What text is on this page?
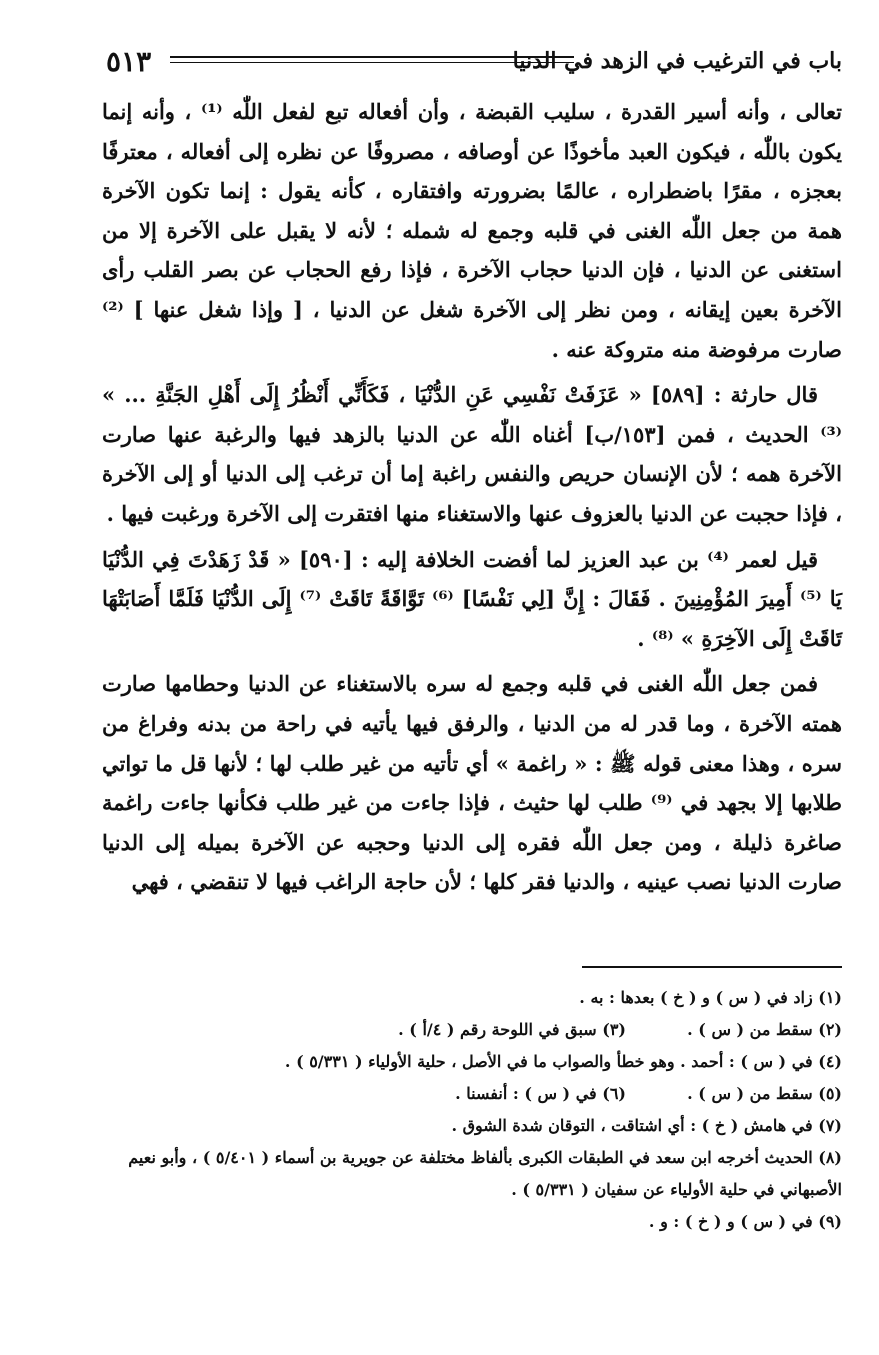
٥١٣	باب في الترغيب في الزهد في الدنيا

تعالى ، وأنه أسير القدرة ، سليب القبضة ، وأن أفعاله تبع لفعل اللّٰه ⁽¹⁾ ، وأنه إنما يكون باللّٰه ، فيكون العبد مأخوذًا عن أوصافه ، مصروفًا عن نظره إلى أفعاله ، معترفًا بعجزه ، مقرًا باضطراره ، عالمًا بضرورته وافتقاره ، كأنه يقول : إنما تكون الآخرة همة من جعل اللّٰه الغنى في قلبه وجمع له شمله ؛ لأنه لا يقبل على الآخرة إلا من استغنى عن الدنيا ، فإن الدنيا حجاب الآخرة ، فإذا رفع الحجاب عن بصر القلب رأى الآخرة بعين إيقانه ، ومن نظر إلى الآخرة شغل عن الدنيا ، [ وإذا شغل عنها ] ⁽²⁾ صارت مرفوضة منه متروكة عنه .

قال حارثة : [٥٨٩] « عَزَفَتْ نَفْسِي عَنِ الدُّنْيَا ، فَكَأَنِّي أَنْظُرُ إِلَى أَهْلِ الجَنَّةِ ... » ⁽³⁾ الحديث ، فمن [١٥٣/ب] أغناه اللّٰه عن الدنيا بالزهد فيها والرغبة عنها صارت الآخرة همه ؛ لأن الإنسان حريص والنفس راغبة إما أن ترغب إلى الدنيا أو إلى الآخرة ، فإذا حجبت عن الدنيا بالعزوف عنها والاستغناء منها افتقرت إلى الآخرة ورغبت فيها .

قيل لعمر ⁽⁴⁾ بن عبد العزيز لما أفضت الخلافة إليه : [٥٩٠] « قَدْ زَهَدْتَ فِي الدُّنْيَا يَا ⁽⁵⁾ أَمِيرَ المُؤْمِنِينَ . فَقَالَ : إِنَّ [لِي نَفْسًا] ⁽⁶⁾ تَوَّاقَةً تَاقَتْ ⁽⁷⁾ إِلَى الدُّنْيَا فَلَمَّا أَصَابَتْهَا تَاقَتْ إِلَى الآخِرَةِ » ⁽⁸⁾ .

فمن جعل اللّٰه الغنى في قلبه وجمع له سره بالاستغناء عن الدنيا وحطامها صارت همته الآخرة ، وما قدر له من الدنيا ، والرفق فيها يأتيه في راحة من بدنه وفراغ من سره ، وهذا معنى قوله ﷺ : « راغمة » أي تأتيه من غير طلب لها ؛ لأنها قل ما تواتي طلابها إلا بجهد في ⁽⁹⁾ طلب لها حثيث ، فإذا جاءت من غير طلب فكأنها جاءت راغمة صاغرة ذليلة ، ومن جعل اللّٰه فقره إلى الدنيا وحجبه عن الآخرة بميله إلى الدنيا صارت الدنيا نصب عينيه ، والدنيا فقر كلها ؛ لأن حاجة الراغب فيها لا تنقضي ، فهي

(١) زاد في ( س ) و ( خ ) بعدها : به .
(٢) سقط من ( س ) .
(٣) سبق في اللوحة رقم ( ٤/أ ) .
(٤) في ( س ) : أحمد . وهو خطأ والصواب ما في الأصل ، حلية الأولياء ( ٥/٣٣١ ) .
(٥) سقط من ( س ) .
(٦) في ( س ) : أنفسنا .
(٧) في هامش ( خ ) : أي اشتاقت ، التوقان شدة الشوق .
(٨) الحديث أخرجه ابن سعد في الطبقات الكبرى بألفاظ مختلفة عن جويرية بن أسماء ( ٥/٤٠١ ) ، وأبو نعيم الأصبهاني في حلية الأولياء عن سفيان ( ٥/٣٣١ ) .
(٩) في ( س ) و ( خ ) : و .
